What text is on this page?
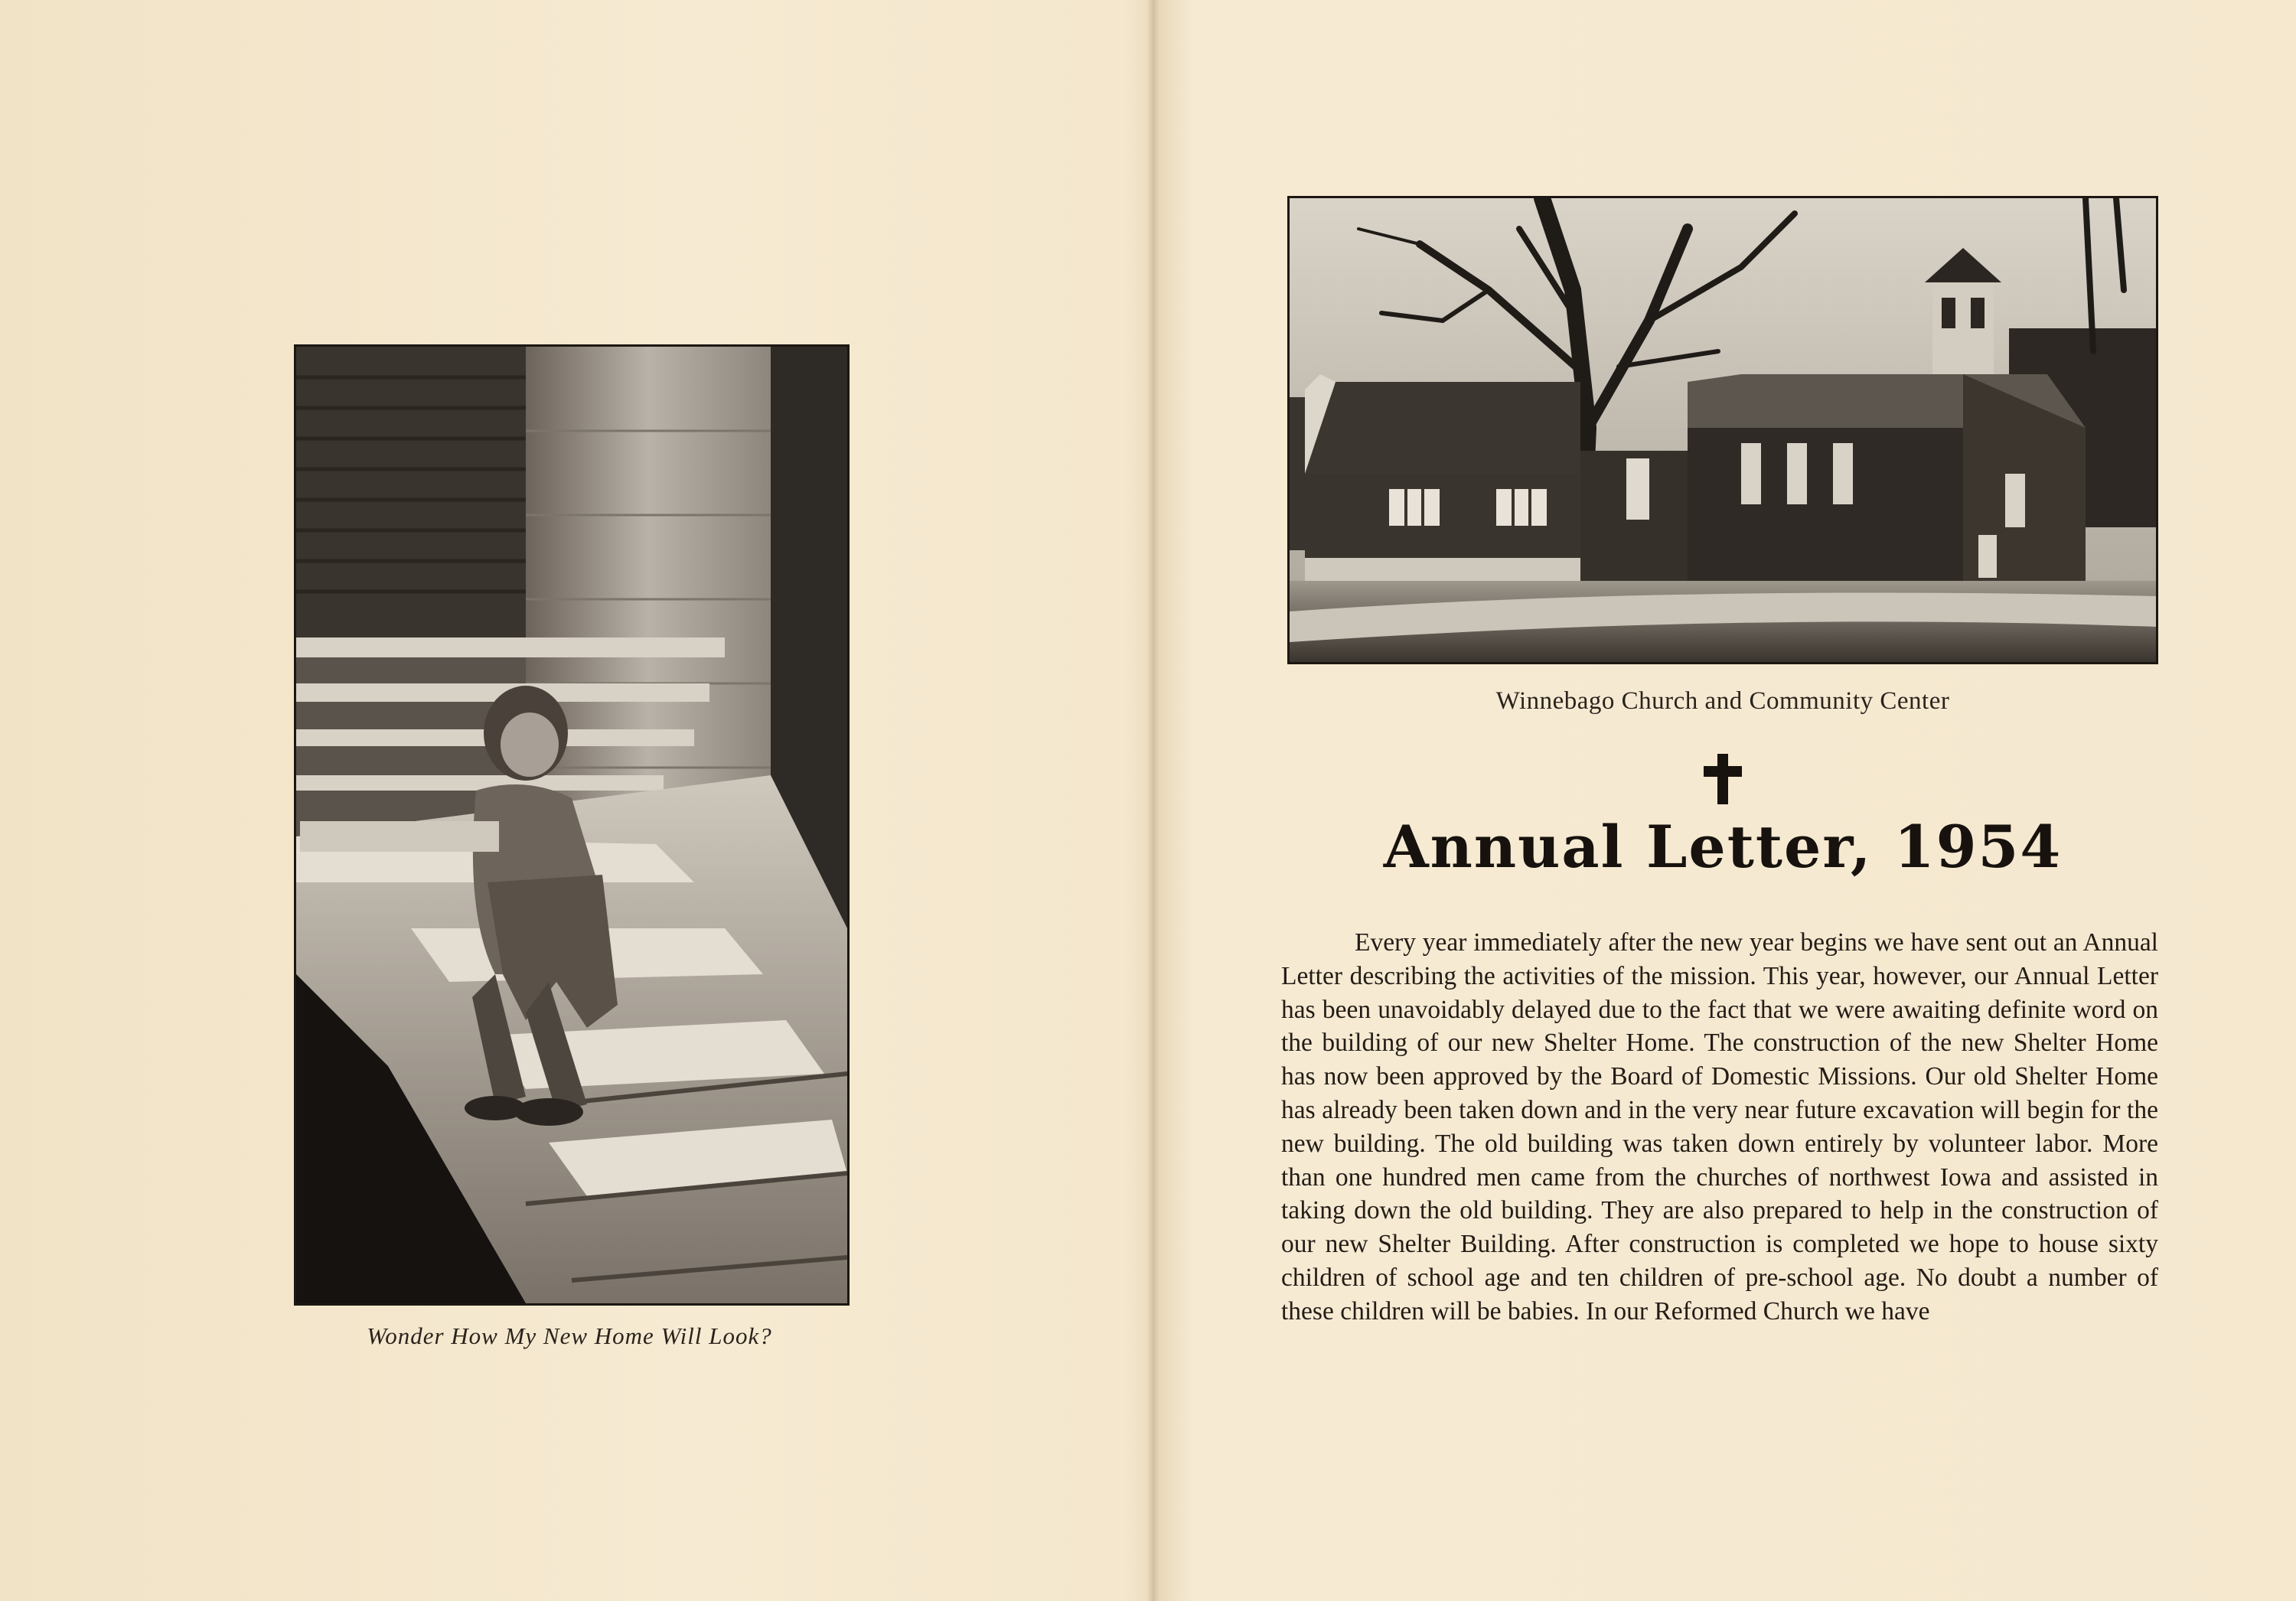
Wonder How My New Home Will Look?
Winnebago Church and Community Center
Annual Letter, 1954
Every year immediately after the new year begins we have sent out an Annual Letter describing the activities of the mission. This year, however, our Annual Letter has been unavoidably delayed due to the fact that we were awaiting definite word on the building of our new Shelter Home. The construction of the new Shelter Home has now been approved by the Board of Domestic Missions. Our old Shelter Home has already been taken down and in the very near future excavation will begin for the new building. The old building was taken down entirely by volunteer labor. More than one hundred men came from the churches of northwest Iowa and assisted in taking down the old building. They are also prepared to help in the construction of our new Shelter Building. After construction is completed we hope to house sixty children of school age and ten children of pre-school age. No doubt a number of these children will be babies. In our Reformed Church we have
